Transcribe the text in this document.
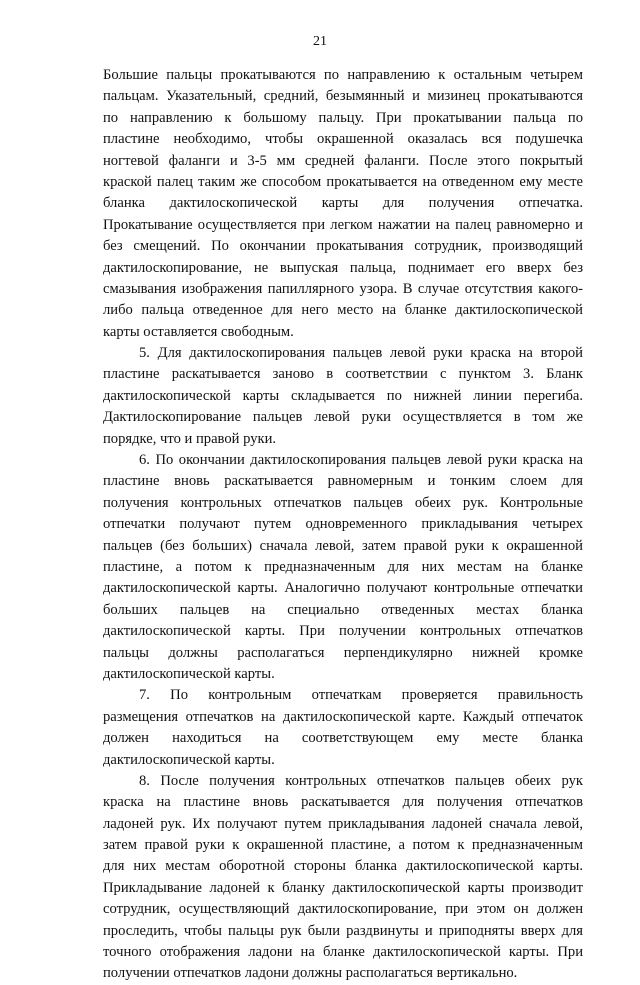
21
Большие пальцы прокатываются по направлению к остальным четырем
пальцам. Указательный, средний, безымянный и мизинец прокатываются
по направлению к большому пальцу. При прокатывании пальца по
пластине необходимо, чтобы окрашенной оказалась вся подушечка
ногтевой фаланги и 3-5 мм средней фаланги. После этого покрытый
краской палец таким же способом прокатывается на отведенном ему месте
бланка дактилоскопической карты для получения отпечатка.
Прокатывание осуществляется при легком нажатии на палец равномерно и
без смещений. По окончании прокатывания сотрудник, производящий
дактилоскопирование, не выпуская пальца, поднимает его вверх без
смазывания изображения папиллярного узора. В случае отсутствия какого-
либо пальца отведенное для него место на бланке дактилоскопической
карты оставляется свободным.
5. Для дактилоскопирования пальцев левой руки краска на второй
пластине раскатывается заново в соответствии с пунктом 3. Бланк
дактилоскопической карты складывается по нижней линии перегиба.
Дактилоскопирование пальцев левой руки осуществляется в том же
порядке, что и правой руки.
6. По окончании дактилоскопирования пальцев левой руки краска на
пластине вновь раскатывается равномерным и тонким слоем для
получения контрольных отпечатков пальцев обеих рук. Контрольные
отпечатки получают путем одновременного прикладывания четырех
пальцев (без больших) сначала левой, затем правой руки к окрашенной
пластине, а потом к предназначенным для них местам на бланке
дактилоскопической карты. Аналогично получают контрольные отпечатки
больших пальцев на специально отведенных местах бланка
дактилоскопической карты. При получении контрольных отпечатков
пальцы должны располагаться перпендикулярно нижней кромке
дактилоскопической карты.
7. По контрольным отпечаткам проверяется правильность
размещения отпечатков на дактилоскопической карте. Каждый отпечаток
должен находиться на соответствующем ему месте бланка
дактилоскопической карты.
8. После получения контрольных отпечатков пальцев обеих рук
краска на пластине вновь раскатывается для получения отпечатков
ладоней рук. Их получают путем прикладывания ладоней сначала левой,
затем правой руки к окрашенной пластине, а потом к предназначенным
для них местам оборотной стороны бланка дактилоскопической карты.
Прикладывание ладоней к бланку дактилоскопической карты производит
сотрудник, осуществляющий дактилоскопирование, при этом он должен
проследить, чтобы пальцы рук были раздвинуты и приподняты вверх для
точного отображения ладони на бланке дактилоскопической карты. При
получении отпечатков ладони должны располагаться вертикально.
